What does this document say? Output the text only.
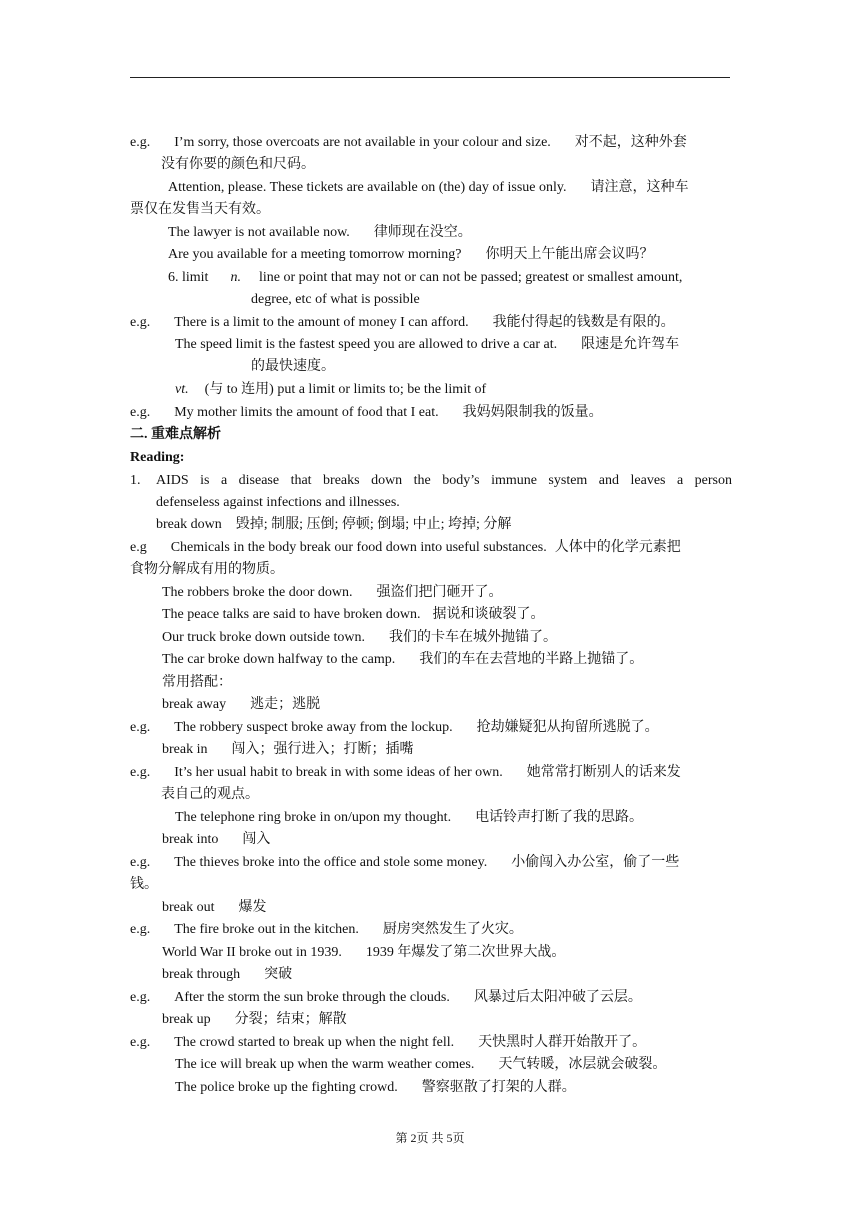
e.g. I’m sorry, those overcoats are not available in your colour and size. 对不起，这种外套
没有你要的颜色和尺码。
Attention, please. These tickets are available on (the) day of issue only. 请注意，这种车
票仅在发售当天有效。
The lawyer is not available now. 律师现在没空。
Are you available for a meeting tomorrow morning? 你明天上午能出席会议吗？
6. limit n. line or point that may not or can not be passed; greatest or smallest amount,
degree, etc of what is possible
e.g. There is a limit to the amount of money I can afford. 我能付得起的钱数是有限的。
The speed limit is the fastest speed you are allowed to drive a car at. 限速是允许驾车
的最快速度。
vt. (与 to 连用) put a limit or limits to; be the limit of
e.g. My mother limits the amount of food that I eat. 我妈妈限制我的饭量。
二. 重难点解析
Reading:
1. AIDS is a disease that breaks down the body’s immune system and leaves a person
defenseless against infections and illnesses.
break down 毁掉; 制服; 压倒; 停顿; 倒塌; 中止; 垮掉; 分解
e.g Chemicals in the body break our food down into useful substances. 人体中的化学元素把
食物分解成有用的物质。
The robbers broke the door down. 强盗们把门砸开了。
The peace talks are said to have broken down. 据说和谈破裂了。
Our truck broke down outside town. 我们的卡车在城外抛锚了。
The car broke down halfway to the camp. 我们的车在去营地的半路上抛锚了。
常用搭配：
break away 逃走；逃脱
e.g. The robbery suspect broke away from the lockup. 抢劫嫌疑犯从拘留所逃脱了。
break in 闯入；强行进入；打断；插嘴
e.g. It’s her usual habit to break in with some ideas of her own. 她常常打断别人的话来发
表自己的观点。
The telephone ring broke in on/upon my thought. 电话铃声打断了我的思路。
break into 闯入
e.g. The thieves broke into the office and stole some money. 小偷闯入办公室，偷了一些
钱。
break out 爆发
e.g. The fire broke out in the kitchen. 厨房突然发生了火灾。
World War II broke out in 1939. 1939 年爆发了第二次世界大战。
break through 突破
e.g. After the storm the sun broke through the clouds. 风暴过后太阳冲破了云层。
break up 分裂；结束；解散
e.g. The crowd started to break up when the night fell. 天快黑时人群开始散开了。
The ice will break up when the warm weather comes. 天气转暖，冰层就会破裂。
The police broke up the fighting crowd. 警察驱散了打架的人群。
第 2页 共 5页
